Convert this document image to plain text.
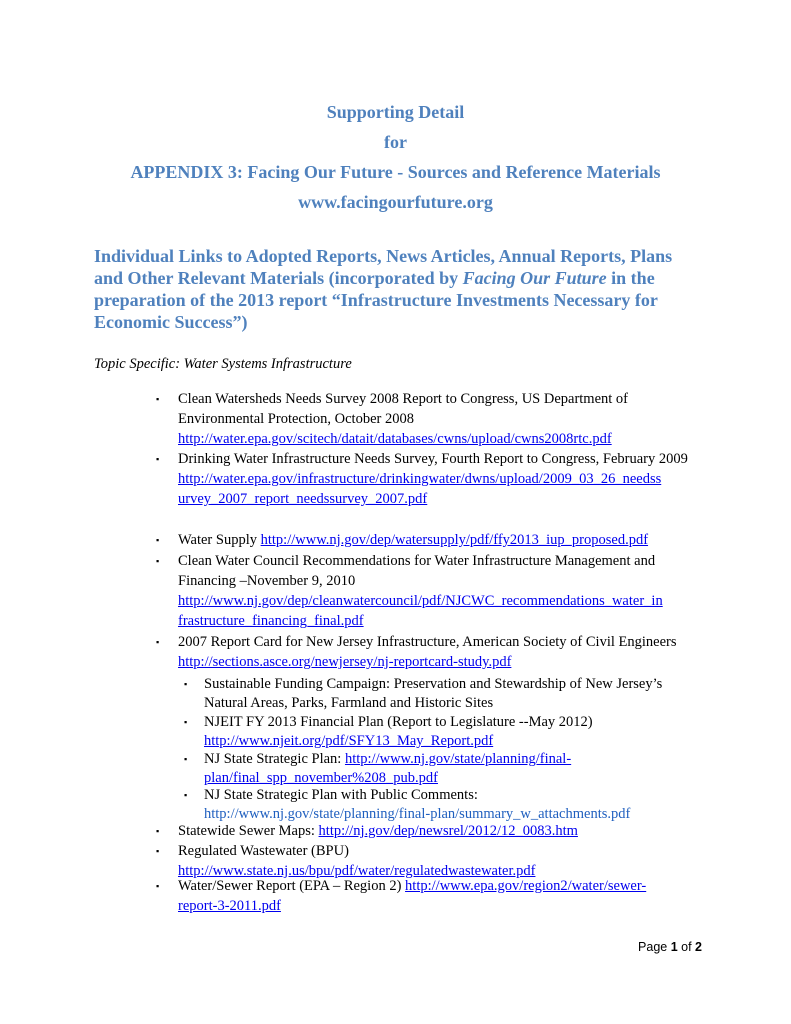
Supporting Detail

for

APPENDIX 3: Facing Our Future - Sources and Reference Materials

www.facingourfuture.org

Individual Links to Adopted Reports, News Articles, Annual Reports, Plans and Other Relevant Materials (incorporated by Facing Our Future in the preparation of the 2013 report “Infrastructure Investments Necessary for Economic Success”)

Topic Specific: Water Systems Infrastructure

▪ Clean Watersheds Needs Survey 2008 Report to Congress, US Department of Environmental Protection, October 2008
http://water.epa.gov/scitech/datait/databases/cwns/upload/cwns2008rtc.pdf
▪ Drinking Water Infrastructure Needs Survey, Fourth Report to Congress, February 2009

http://water.epa.gov/infrastructure/drinkingwater/dwns/upload/2009_03_26_needss
urvey_2007_report_needssurvey_2007.pdf
▪ Water Supply http://www.nj.gov/dep/watersupply/pdf/ffy2013_iup_proposed.pdf
▪ Clean Water Council Recommendations for Water Infrastructure Management and Financing –November 9, 2010

http://www.nj.gov/dep/cleanwatercouncil/pdf/NJCWC_recommendations_water_in
frastructure_financing_final.pdf
▪ 2007 Report Card for New Jersey Infrastructure, American Society of Civil Engineers http://sections.asce.org/newjersey/nj-reportcard-study.pdf
▪ Sustainable Funding Campaign: Preservation and Stewardship of New Jersey’s Natural Areas, Parks, Farmland and Historic Sites
▪ NJEIT FY 2013 Financial Plan (Report to Legislature --May 2012)
http://www.njeit.org/pdf/SFY13_May_Report.pdf
▪ NJ State Strategic Plan: http://www.nj.gov/state/planning/final-
plan/final_spp_november%208_pub.pdf
▪ NJ State Strategic Plan with Public Comments:
http://www.nj.gov/state/planning/final-plan/summary_w_attachments.pdf
▪ Statewide Sewer Maps: http://nj.gov/dep/newsrel/2012/12_0083.htm
▪ Regulated Wastewater (BPU)
http://www.state.nj.us/bpu/pdf/water/regulatedwastewater.pdf
▪ Water/Sewer Report (EPA – Region 2) http://www.epa.gov/region2/water/sewer-
report-3-2011.pdf

Page 1 of 2
